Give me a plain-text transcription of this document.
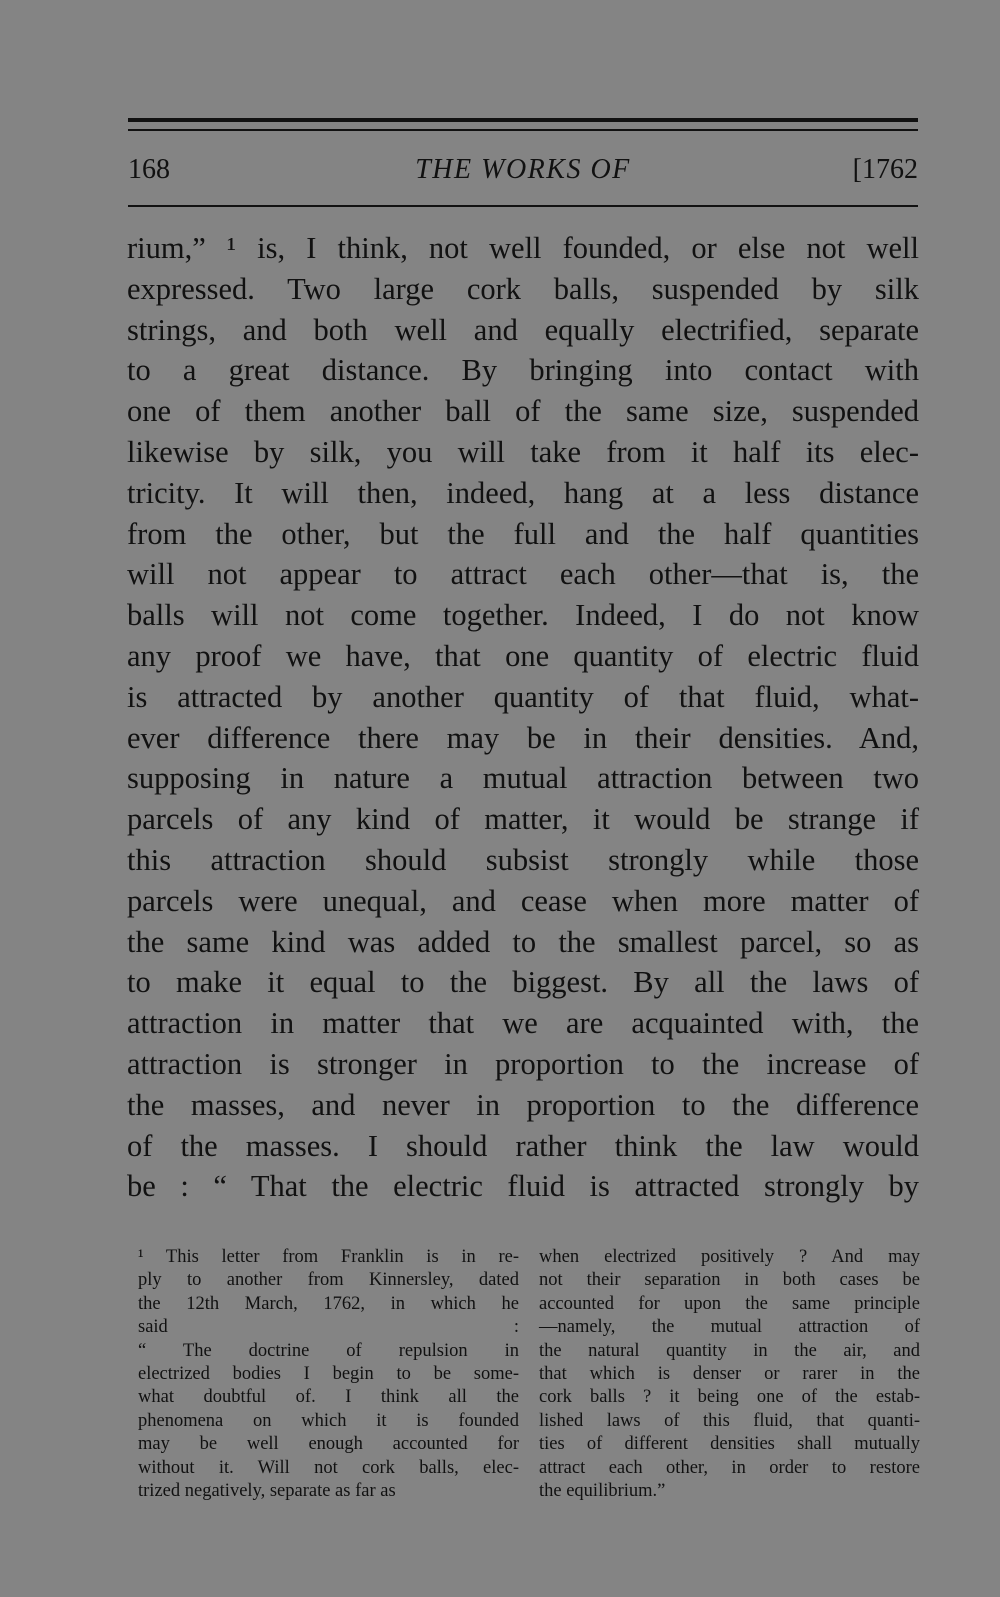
168	THE WORKS OF	[1762
rium,” ¹ is, I think, not well founded, or else not well
expressed. Two large cork balls, suspended by silk
strings, and both well and equally electrified, separate
to a great distance. By bringing into contact with
one of them another ball of the same size, suspended
likewise by silk, you will take from it half its elec-
tricity. It will then, indeed, hang at a less distance
from the other, but the full and the half quantities
will not appear to attract each other—that is, the
balls will not come together. Indeed, I do not know
any proof we have, that one quantity of electric fluid
is attracted by another quantity of that fluid, what-
ever difference there may be in their densities. And,
supposing in nature a mutual attraction between two
parcels of any kind of matter, it would be strange if
this attraction should subsist strongly while those
parcels were unequal, and cease when more matter of
the same kind was added to the smallest parcel, so as
to make it equal to the biggest. By all the laws of
attraction in matter that we are acquainted with, the
attraction is stronger in proportion to the increase of
the masses, and never in proportion to the difference
of the masses. I should rather think the law would
be : “ That the electric fluid is attracted strongly by
¹ This letter from Franklin is in re-
ply to another from Kinnersley, dated
the 12th March, 1762, in which he
said :
“ The doctrine of repulsion in
electrized bodies I begin to be some-
what doubtful of. I think all the
phenomena on which it is founded
may be well enough accounted for
without it. Will not cork balls, elec-
trized negatively, separate as far as
when electrized positively ? And may
not their separation in both cases be
accounted for upon the same principle
—namely, the mutual attraction of
the natural quantity in the air, and
that which is denser or rarer in the
cork balls ? it being one of the estab-
lished laws of this fluid, that quanti-
ties of different densities shall mutually
attract each other, in order to restore
the equilibrium.”
